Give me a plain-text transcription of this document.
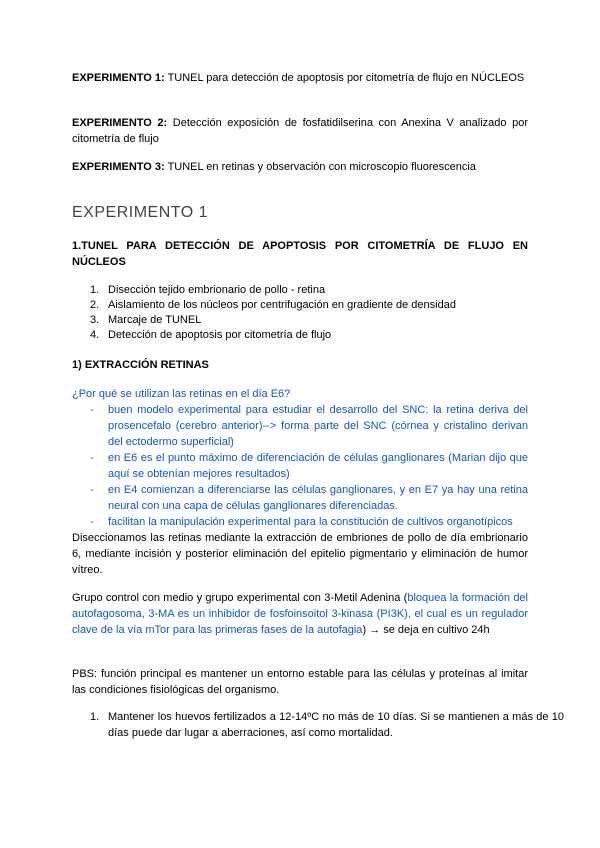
EXPERIMENTO 1: TUNEL para detección de apoptosis por citometría de flujo en NÚCLEOS

EXPERIMENTO 2: Detección exposición de fosfatidilserina con Anexina V analizado por citometría de flujo

EXPERIMENTO 3: TUNEL en retinas y observación con microscopio fluorescencia

EXPERIMENTO 1

1.TUNEL PARA DETECCIÓN DE APOPTOSIS POR CITOMETRÍA DE FLUJO EN NÚCLEOS

1. Disección tejido embrionario de pollo - retina
2. Aislamiento de los núcleos por centrifugación en gradiente de densidad
3. Marcaje de TUNEL
4. Detección de apoptosis por citometría de flujo

1) EXTRACCIÓN RETINAS

¿Por qué se utilizan las retinas en el día E6?
- buen modelo experimental para estudiar el desarrollo del SNC: la retina deriva del prosencefalo (cerebro anterior)--> forma parte del SNC (córnea y cristalino derivan del ectodermo superficial)
- en E6 es el punto máximo de diferenciación de células ganglionares (Marian dijo que aquí se obtenían mejores resultados)
- en E4 comienzan a diferenciarse las células ganglionares, y en E7 ya hay una retina neural con una capa de células ganglionares diferenciadas.
- facilitan la manipulación experimental para la constitución de cultivos organotípicos

Diseccionamos las retinas mediante la extracción de embriones de pollo de día embrionario 6, mediante incisión y posterior eliminación del epitelio pigmentario y eliminación de humor vítreo.

Grupo control con medio y grupo experimental con 3-Metil Adenina (bloquea la formación del autofagosoma, 3-MA es un inhibidor de fosfoinsoitol 3-kinasa (PI3K), el cual es un regulador clave de la vía mTor para las primeras fases de la autofagia) → se deja en cultivo 24h

PBS: función principal es mantener un entorno estable para las células y proteínas al imitar las condiciones fisiológicas del organismo.

1. Mantener los huevos fertilizados a 12-14ºC no más de 10 días. Si se mantienen a más de 10 días puede dar lugar a aberraciones, así como mortalidad.
